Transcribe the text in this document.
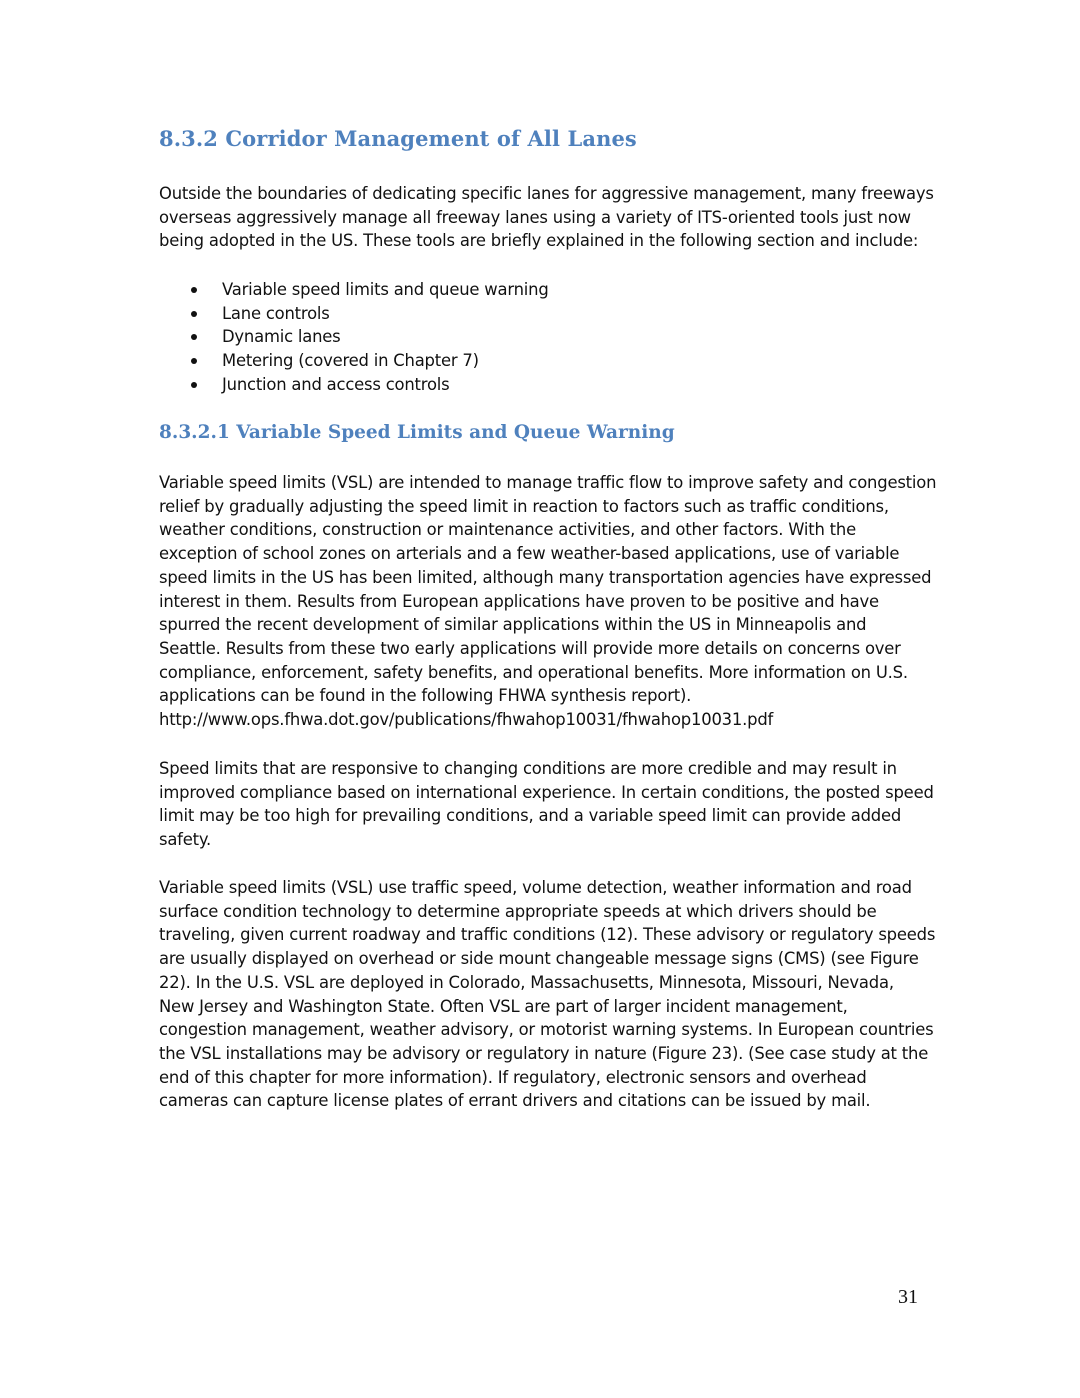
8.3.2 Corridor Management of All Lanes

Outside the boundaries of dedicating specific lanes for aggressive management, many freeways
overseas aggressively manage all freeway lanes using a variety of ITS-oriented tools just now
being adopted in the US. These tools are briefly explained in the following section and include:

Variable speed limits and queue warning
Lane controls
Dynamic lanes
Metering (covered in Chapter 7)
Junction and access controls
8.3.2.1 Variable Speed Limits and Queue Warning

Variable speed limits (VSL) are intended to manage traffic flow to improve safety and congestion
relief by gradually adjusting the speed limit in reaction to factors such as traffic conditions,
weather conditions, construction or maintenance activities, and other factors. With the
exception of school zones on arterials and a few weather-based applications, use of variable
speed limits in the US has been limited, although many transportation agencies have expressed
interest in them. Results from European applications have proven to be positive and have
spurred the recent development of similar applications within the US in Minneapolis and
Seattle. Results from these two early applications will provide more details on concerns over
compliance, enforcement, safety benefits, and operational benefits. More information on U.S.
applications can be found in the following FHWA synthesis report).
http://www.ops.fhwa.dot.gov/publications/fhwahop10031/fhwahop10031.pdf

Speed limits that are responsive to changing conditions are more credible and may result in
improved compliance based on international experience. In certain conditions, the posted speed
limit may be too high for prevailing conditions, and a variable speed limit can provide added
safety.

Variable speed limits (VSL) use traffic speed, volume detection, weather information and road
surface condition technology to determine appropriate speeds at which drivers should be
traveling, given current roadway and traffic conditions (12). These advisory or regulatory speeds
are usually displayed on overhead or side mount changeable message signs (CMS) (see Figure
22). In the U.S. VSL are deployed in Colorado, Massachusetts, Minnesota, Missouri, Nevada,
New Jersey and Washington State. Often VSL are part of larger incident management,
congestion management, weather advisory, or motorist warning systems. In European countries
the VSL installations may be advisory or regulatory in nature (Figure 23). (See case study at the
end of this chapter for more information). If regulatory, electronic sensors and overhead
cameras can capture license plates of errant drivers and citations can be issued by mail.

31
